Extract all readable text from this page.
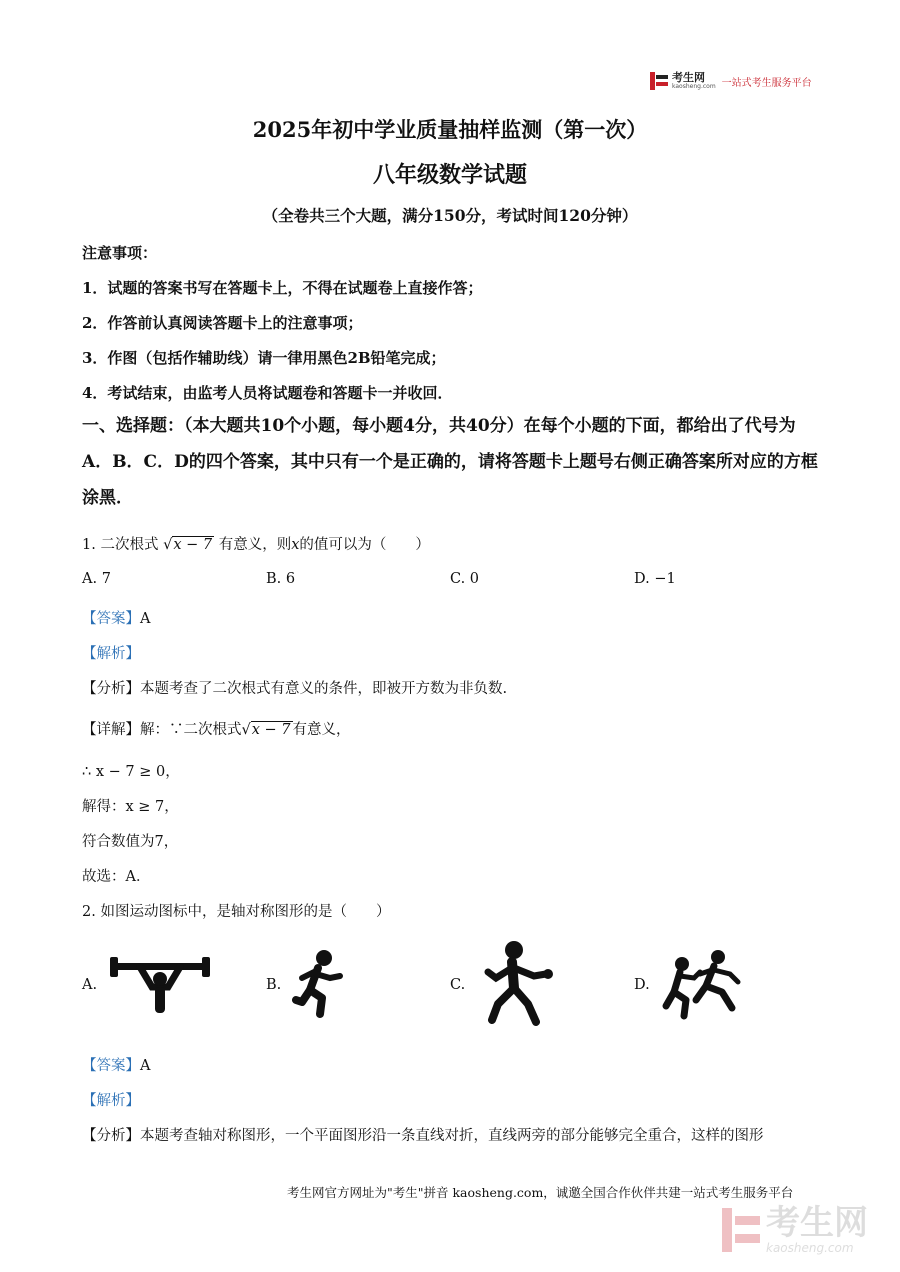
考生网
kaosheng.com 一站式考生服务平台
2025年初中学业质量抽样监测（第一次）
八年级数学试题
（全卷共三个大题，满分150分，考试时间120分钟）
注意事项：
1．试题的答案书写在答题卡上，不得在试题卷上直接作答；
2．作答前认真阅读答题卡上的注意事项；
3．作图（包括作辅助线）请一律用黑色2B铅笔完成；
4．考试结束，由监考人员将试题卷和答题卡一并收回．
一、选择题：（本大题共10个小题，每小题4分，共40分）在每个小题的下面，都给出了代号为A．B．C．D的四个答案，其中只有一个是正确的，请将答题卡上题号右侧正确答案所对应的方框涂黑．
1. 二次根式 √x − 7 有意义，则x的值可以为（　　）
A. 7	B. 6	C. 0	D. −1
【答案】A
【解析】
【分析】本题考查了二次根式有意义的条件，即被开方数为非负数.
【详解】解：∵二次根式√x − 7 有意义，
∴ x − 7 ≥ 0，
解得：x ≥ 7，
符合数值为7，
故选：A．
2. 如图运动图标中，是轴对称图形的是（　　）
A.	B.	C.	D.
【答案】A
【解析】
【分析】本题考查轴对称图形，一个平面图形沿一条直线对折，直线两旁的部分能够完全重合，这样的图形
考生网官方网址为"考生"拼音 kaosheng.com，诚邀全国合作伙伴共建一站式考生服务平台
考生网
kaosheng.com
